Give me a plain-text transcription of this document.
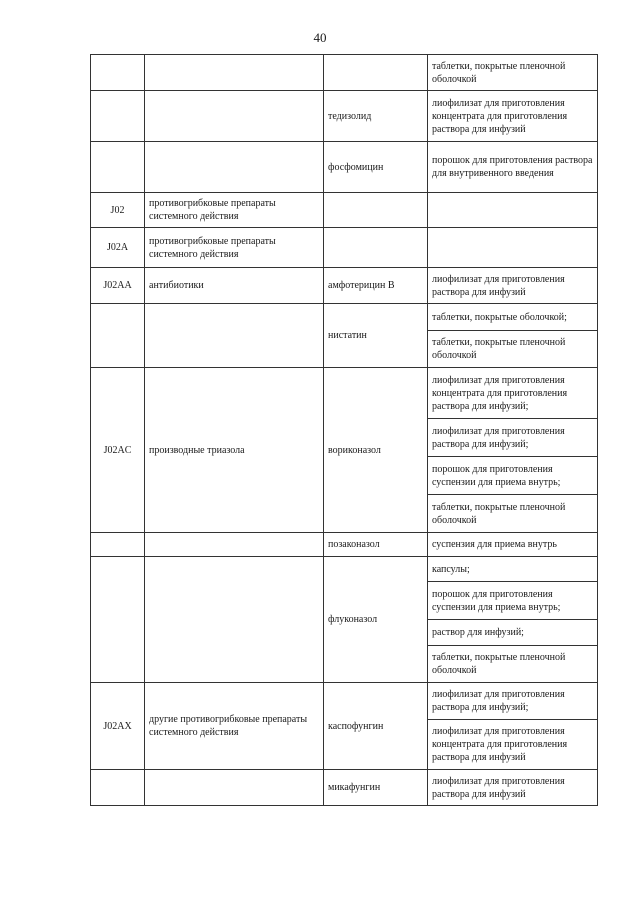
40
			таблетки, покрытые пленочной оболочкой
		тедизолид	лиофилизат для приготовления концентрата для приготовления раствора для инфузий
		фосфомицин	порошок для приготовления раствора для внутривенного введения
J02	противогрибковые препараты системного действия		
J02A	противогрибковые препараты системного действия		
J02AA	антибиотики	амфотерицин В	лиофилизат для приготовления раствора для инфузий
		нистатин	таблетки, покрытые оболочкой;
			таблетки, покрытые пленочной оболочкой
J02AC	производные триазола	вориконазол	лиофилизат для приготовления концентрата для приготовления раствора для инфузий;
			лиофилизат для приготовления раствора для инфузий;
			порошок для приготовления суспензии для приема внутрь;
			таблетки, покрытые пленочной оболочкой
		позаконазол	суспензия для приема внутрь
		флуконазол	капсулы;
			порошок для приготовления суспензии для приема внутрь;
			раствор для инфузий;
			таблетки, покрытые пленочной оболочкой
J02AX	другие противогрибковые препараты системного действия	каспофунгин	лиофилизат для приготовления раствора для инфузий;
			лиофилизат для приготовления концентрата для приготовления раствора для инфузий
		микафунгин	лиофилизат для приготовления раствора для инфузий
